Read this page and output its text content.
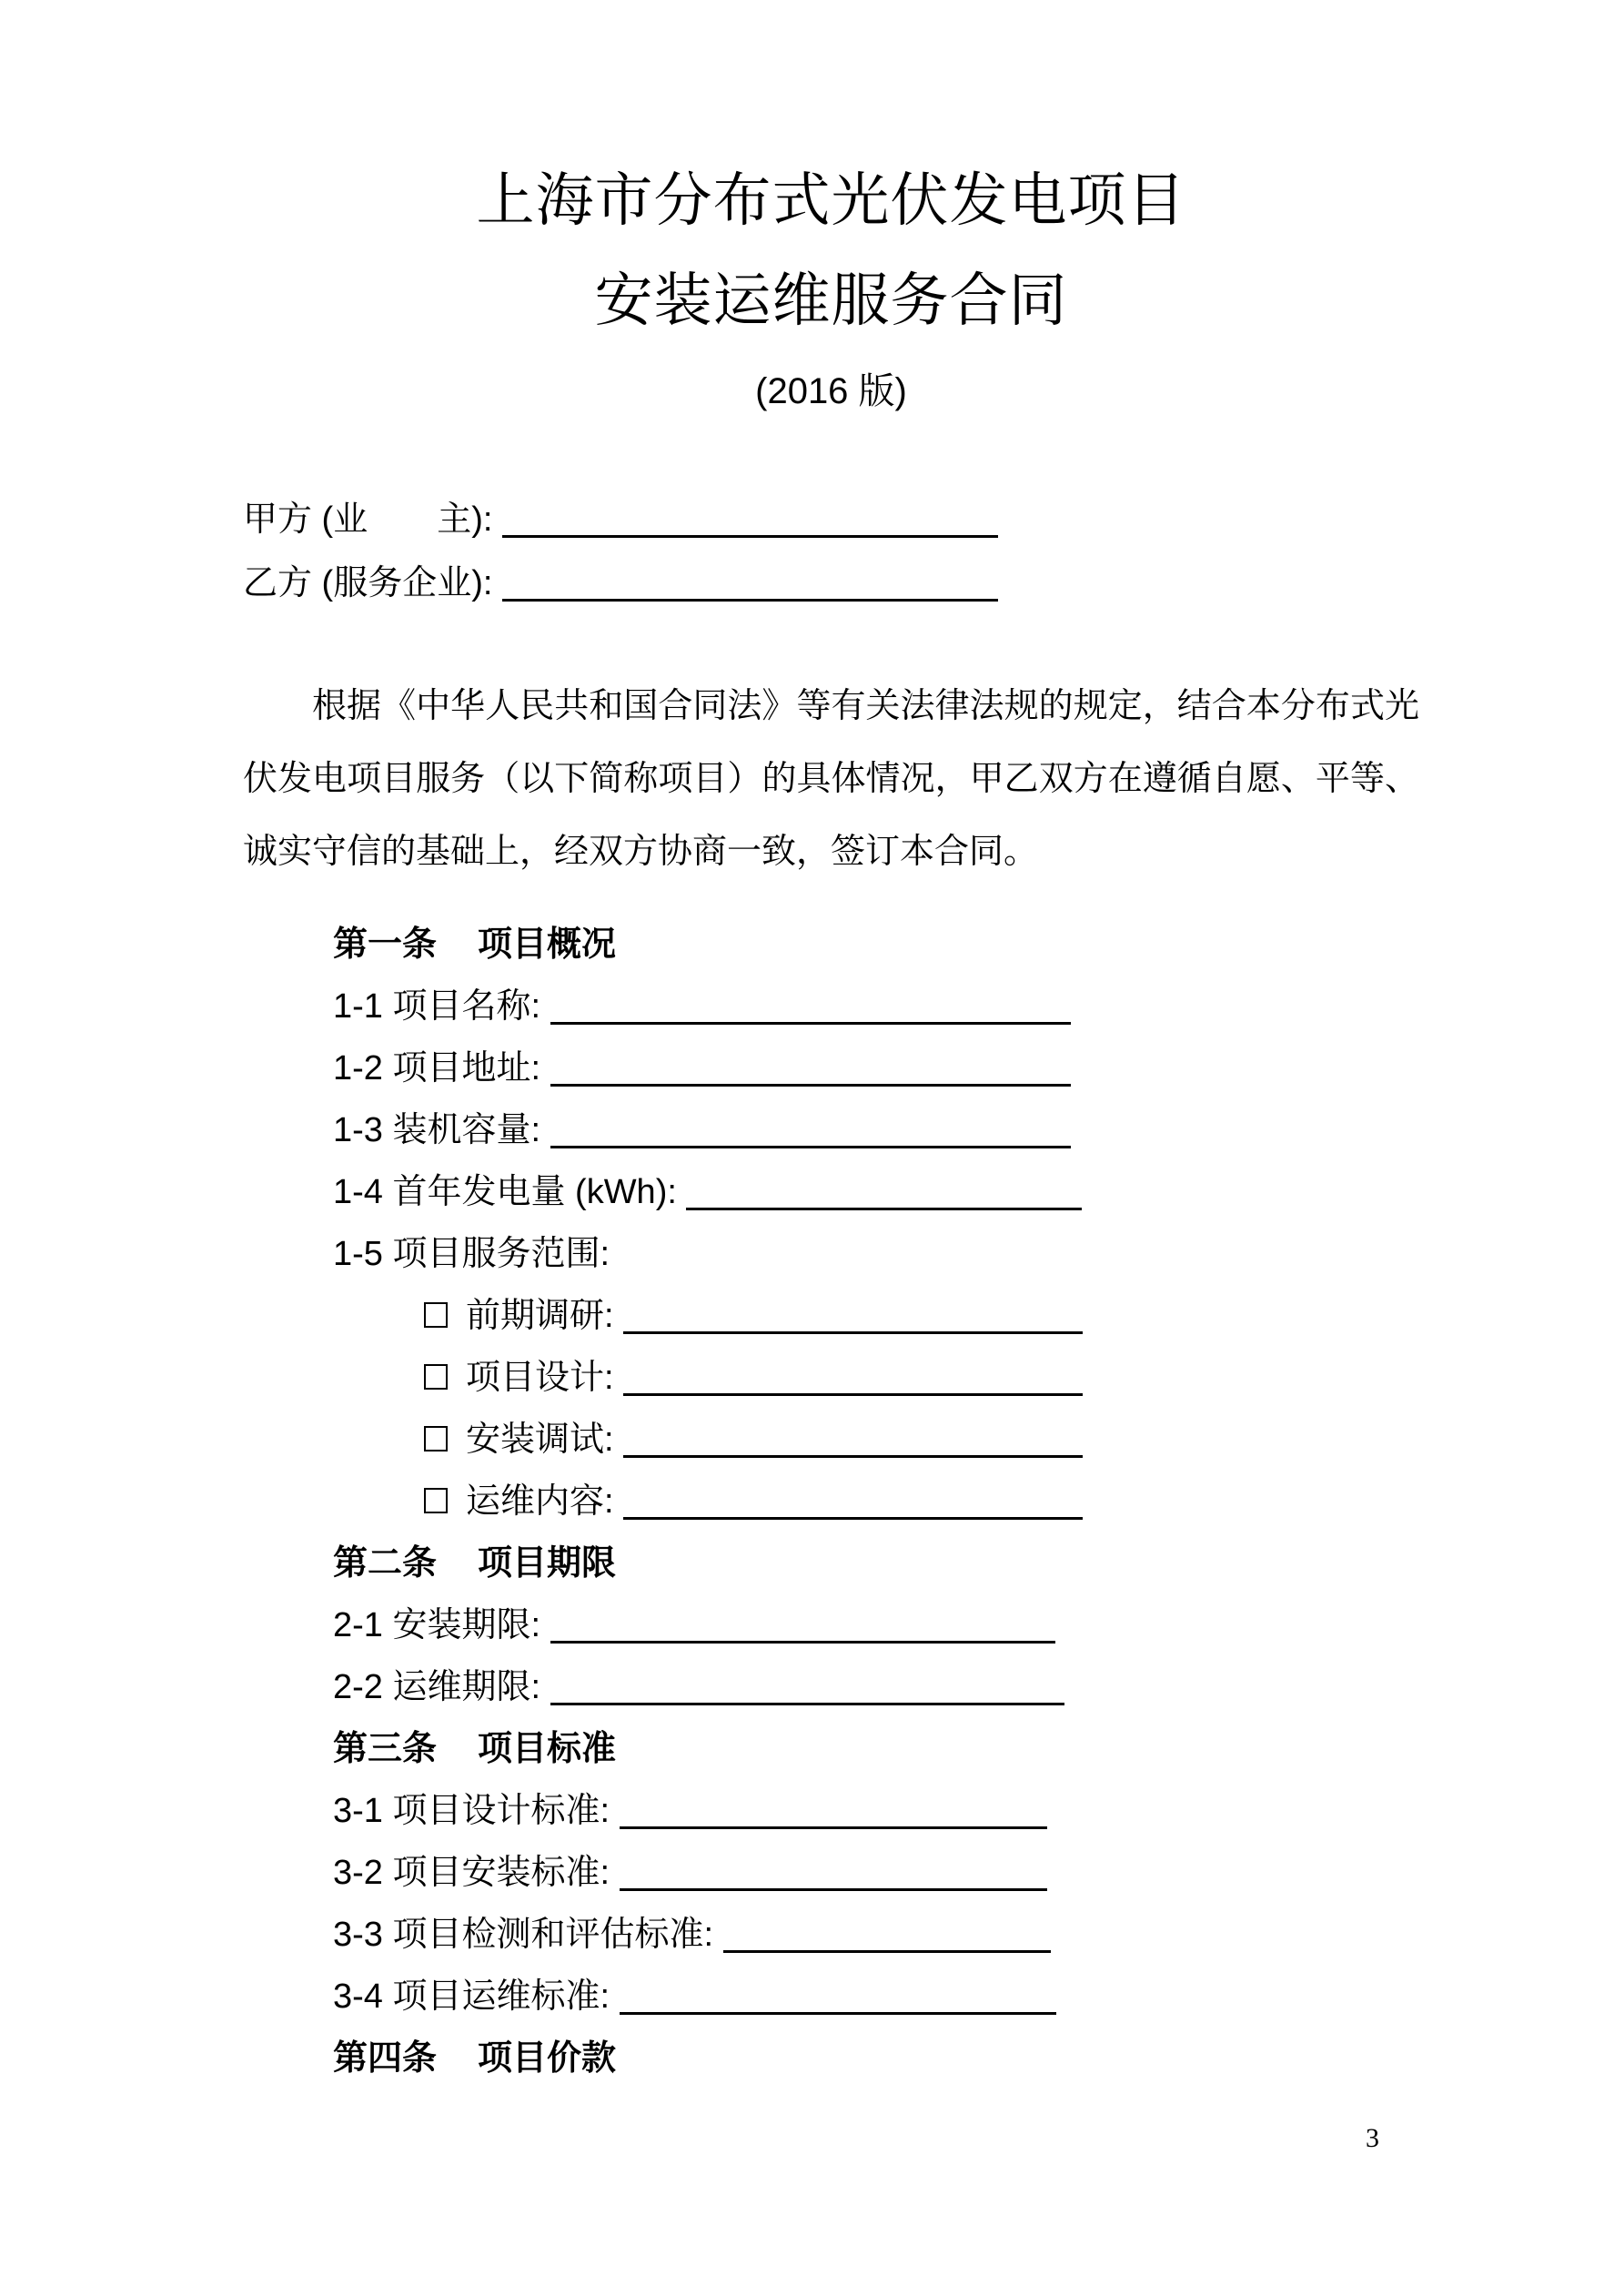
上海市分布式光伏发电项目
安装运维服务合同
(2016 版)
甲方 (业　　主):
乙方 (服务企业):

根据《中华人民共和国合同法》等有关法律法规的规定，结合本分布式光伏发电项目服务（以下简称项目）的具体情况，甲乙双方在遵循自愿、平等、诚实守信的基础上，经双方协商一致，签订本合同。

第一条 项目概况
1-1 项目名称:
1-2 项目地址:
1-3 装机容量:
1-4 首年发电量 (kWh):
1-5 项目服务范围:
前期调研:
项目设计:
安装调试:
运维内容:
第二条 项目期限
2-1 安装期限:
2-2 运维期限:
第三条 项目标准
3-1 项目设计标准:
3-2 项目安装标准:
3-3 项目检测和评估标准:
3-4 项目运维标准:
第四条 项目价款
3
